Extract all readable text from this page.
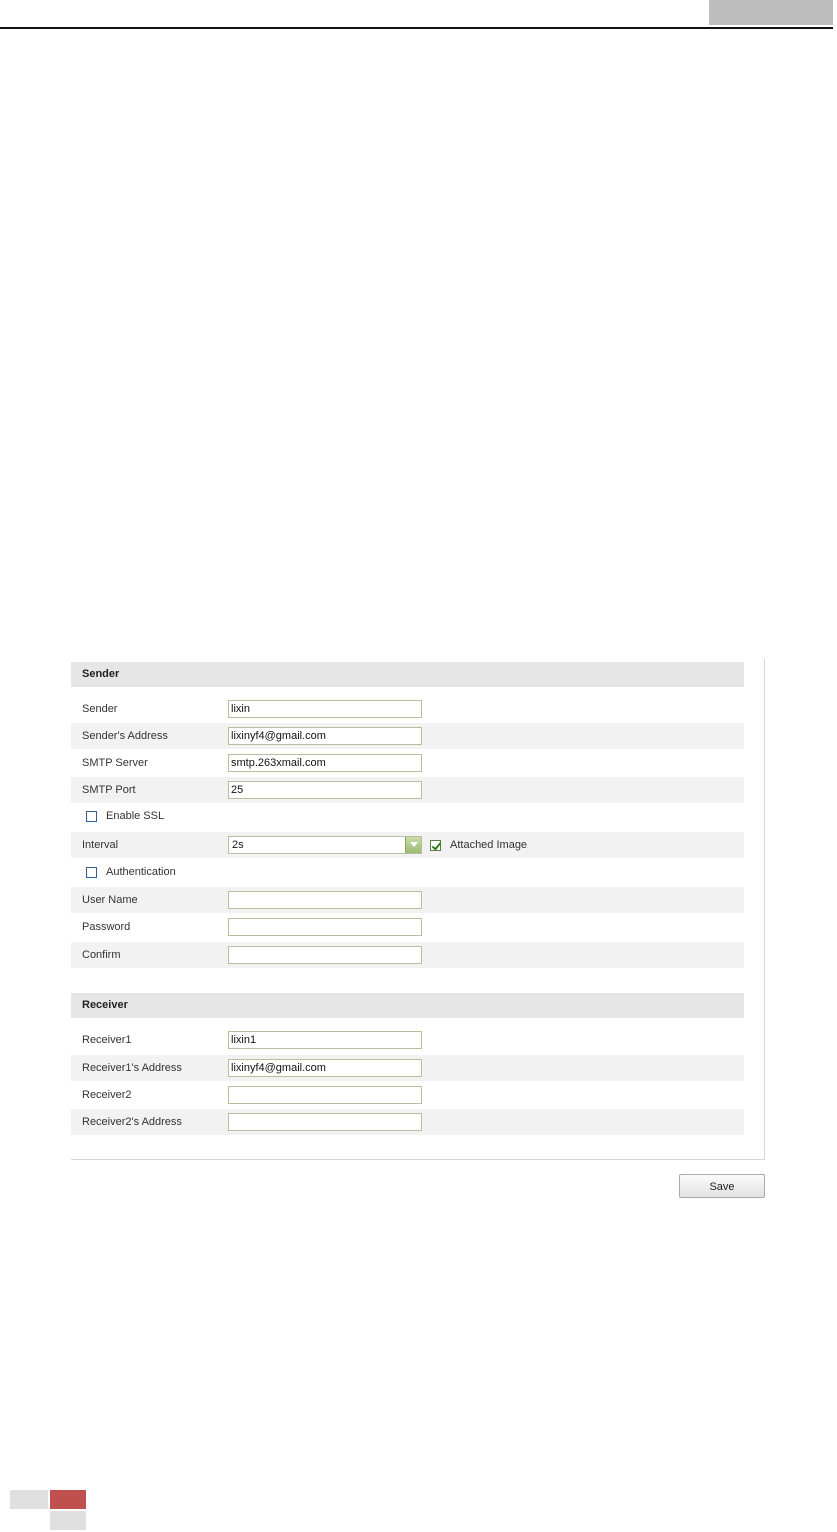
Sender
Sender
lixin
Sender's Address
lixinyf4@gmail.com
SMTP Server
smtp.263xmail.com
SMTP Port
25
Enable SSL
Interval	2s	Attached Image
Authentication
User Name
Password
Confirm
Receiver
Receiver1
lixin1
Receiver1's Address
lixinyf4@gmail.com
Receiver2
Receiver2's Address
Save
